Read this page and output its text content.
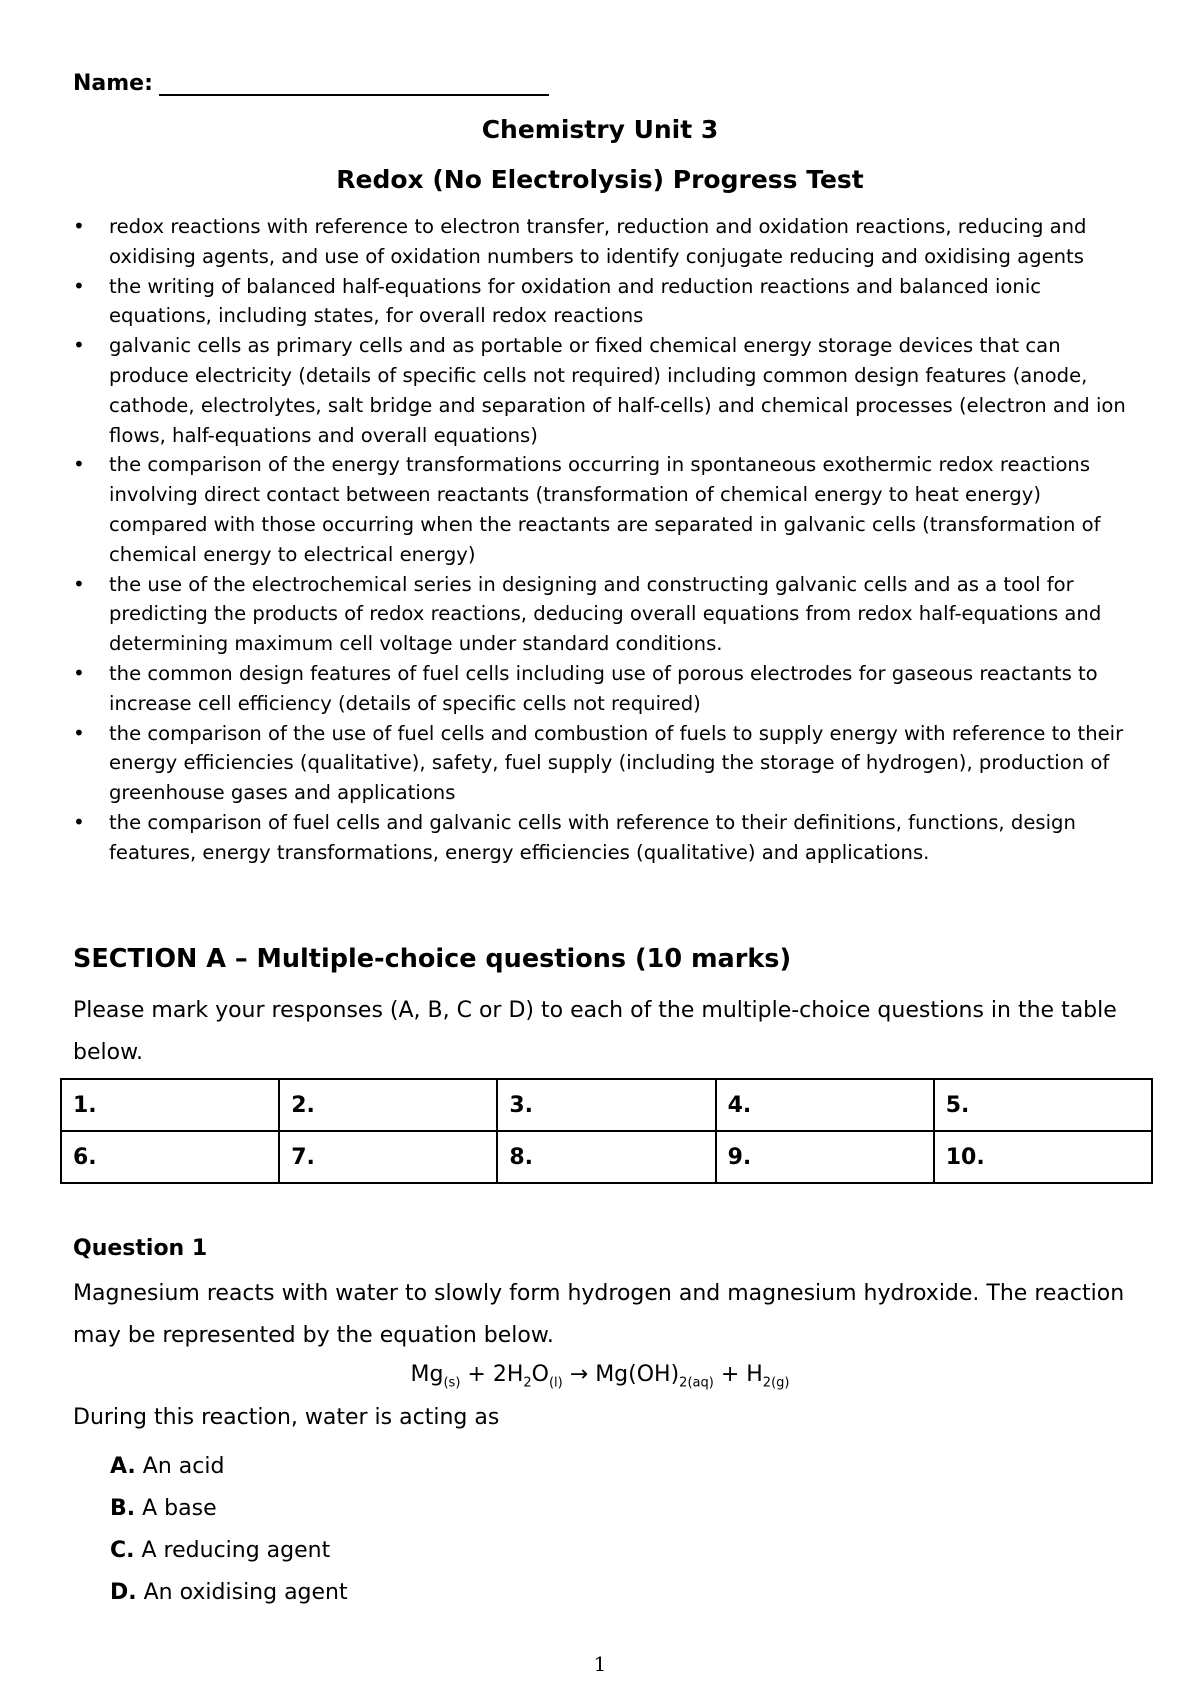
Name:
Chemistry Unit 3
Redox (No Electrolysis) Progress Test
• redox reactions with reference to electron transfer, reduction and oxidation reactions, reducing and oxidising agents, and use of oxidation numbers to identify conjugate reducing and oxidising agents
• the writing of balanced half-equations for oxidation and reduction reactions and balanced ionic equations, including states, for overall redox reactions
• galvanic cells as primary cells and as portable or fixed chemical energy storage devices that can produce electricity (details of specific cells not required) including common design features (anode, cathode, electrolytes, salt bridge and separation of half-cells) and chemical processes (electron and ion flows, half-equations and overall equations)
• the comparison of the energy transformations occurring in spontaneous exothermic redox reactions involving direct contact between reactants (transformation of chemical energy to heat energy) compared with those occurring when the reactants are separated in galvanic cells (transformation of chemical energy to electrical energy)
• the use of the electrochemical series in designing and constructing galvanic cells and as a tool for predicting the products of redox reactions, deducing overall equations from redox half-equations and determining maximum cell voltage under standard conditions.
• the common design features of fuel cells including use of porous electrodes for gaseous reactants to increase cell efficiency (details of specific cells not required)
• the comparison of the use of fuel cells and combustion of fuels to supply energy with reference to their energy efficiencies (qualitative), safety, fuel supply (including the storage of hydrogen), production of greenhouse gases and applications
• the comparison of fuel cells and galvanic cells with reference to their definitions, functions, design features, energy transformations, energy efficiencies (qualitative) and applications.
SECTION A – Multiple-choice questions (10 marks)
Please mark your responses (A, B, C or D) to each of the multiple-choice questions in the table below.
1.	2.	3.	4.	5.
6.	7.	8.	9.	10.
Question 1
Magnesium reacts with water to slowly form hydrogen and magnesium hydroxide. The reaction may be represented by the equation below.
$Mg_{(s)} + 2H_2O_{(l)} \to Mg(OH)_{2(aq)} + H_{2(g)}$
During this reaction, water is acting as
A. An acid
B. A base
C. A reducing agent
D. An oxidising agent
1
